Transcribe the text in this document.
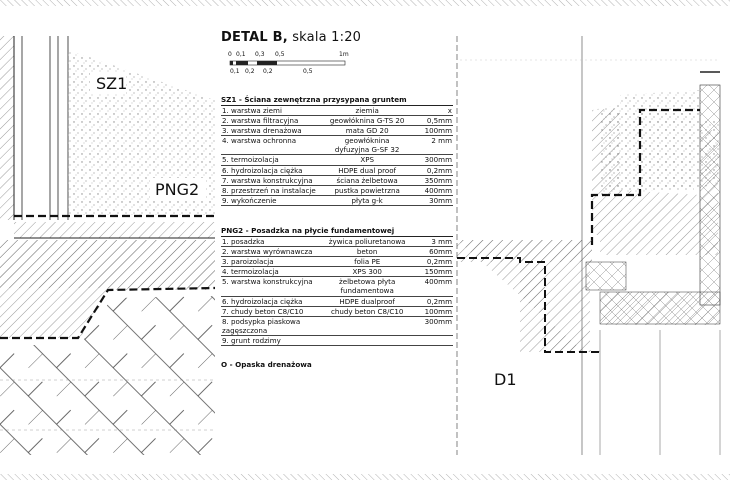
SZ1
PNG2
D1
DETAL B, skala 1:20
0 0,1 0,3 0,5	1m
0,1 0,2 0,2	0,5
SZ1 - Ściana zewnętrzna przysypana gruntem
1. warstwa ziemi	ziemia	x
2. warstwa filtracyjna	geowłóknina G-TS 20	0,5mm
3. warstwa drenażowa	mata GD 20	100mm
4. warstwa ochronna	geowłóknina dyfuzyjna G-SF 32	2 mm
5. termoizolacja	XPS	300mm
6. hydroizolacja ciężka	HDPE dual proof	0,2mm
7. warstwa konstrukcyjna	ściana żelbetowa	350mm
8. przestrzeń na instalacje	pustka powietrzna	400mm
9. wykończenie	płyta g-k	30mm
PNG2 - Posadzka na płycie fundamentowej
1. posadzka	żywica poliuretanowa	3 mm
2. warstwa wyrównawcza	beton	60mm
3. paroizolacja	folia PE	0,2mm
4. termoizolacja	XPS 300	150mm
5. warstwa konstrukcyjna	żelbetowa płyta fundamentowa	400mm
6. hydroizolacja ciężka	HDPE dualproof	0,2mm
7. chudy beton C8/C10	chudy beton C8/C10	100mm
8. podsypka piaskowa zagęszczona		300mm
9. grunt rodzimy		
O - Opaska drenażowa
